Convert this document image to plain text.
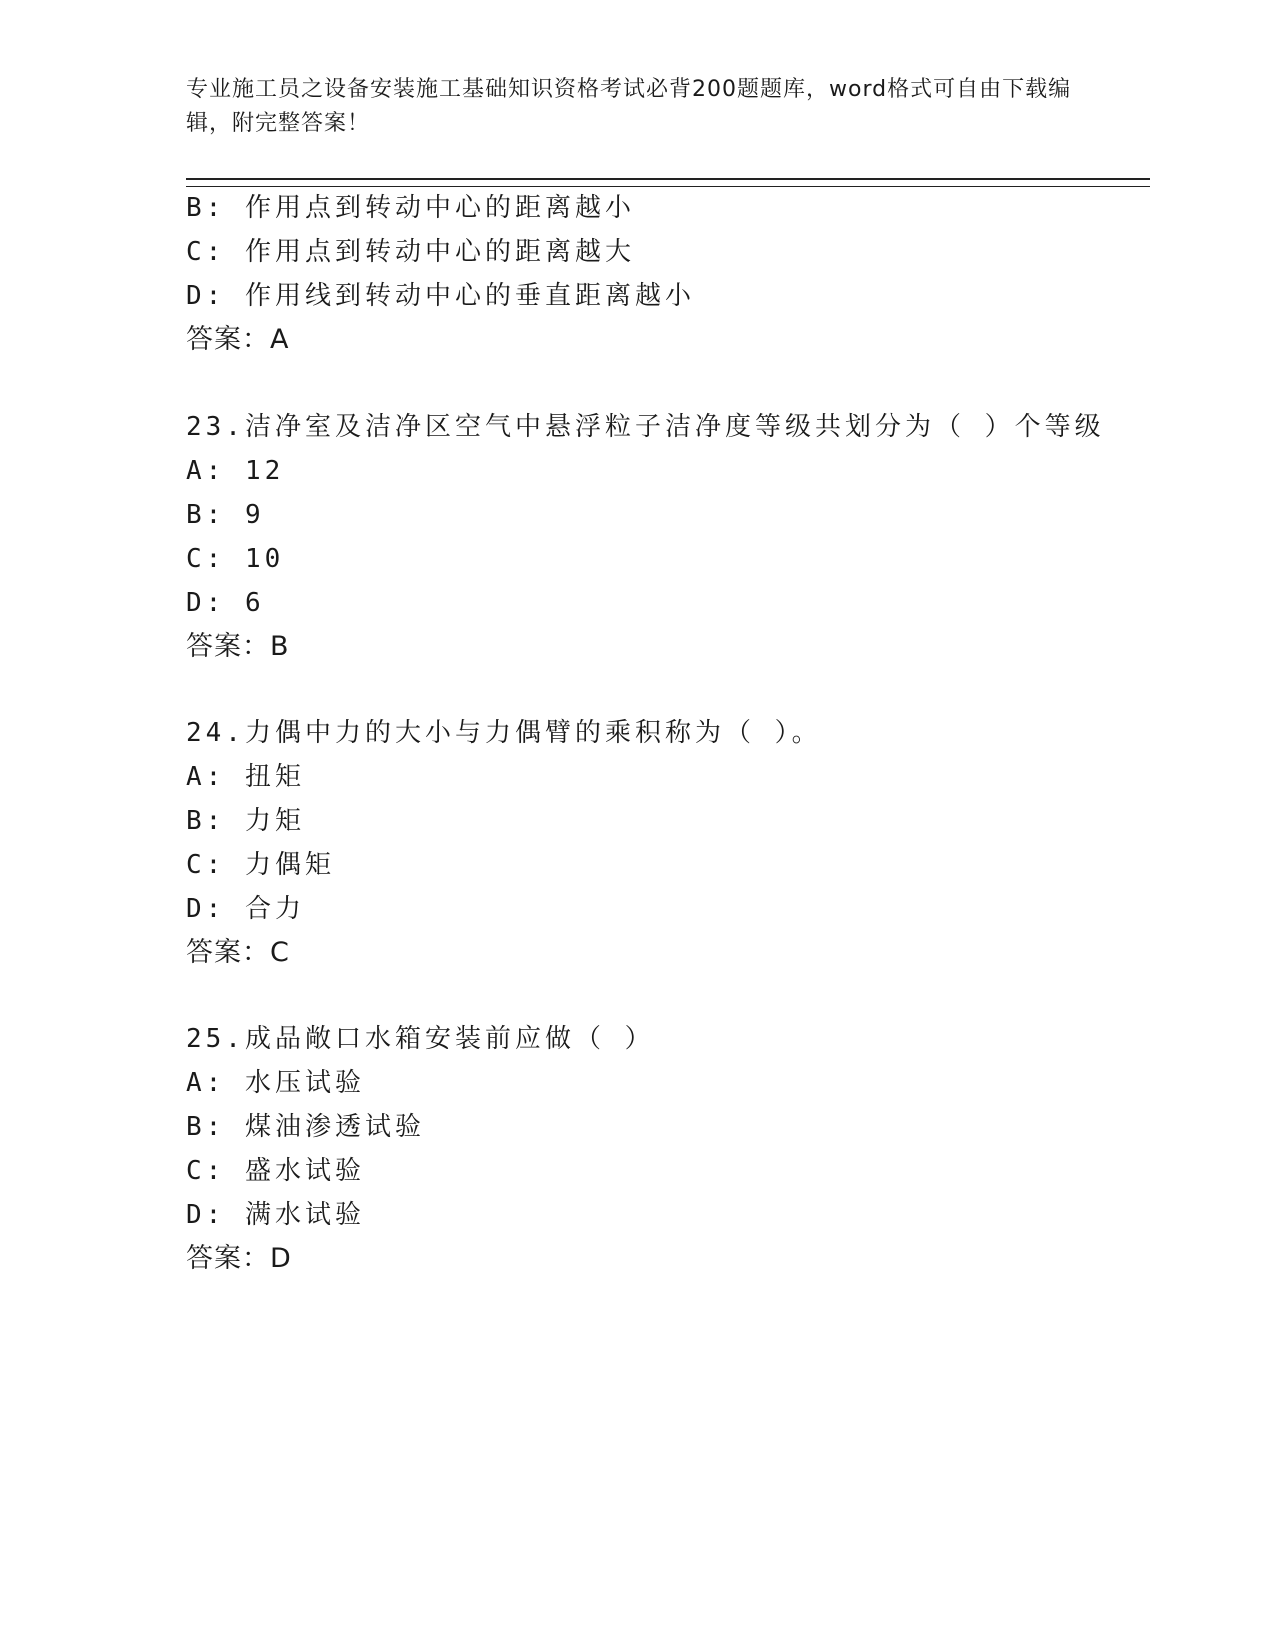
专业施工员之设备安装施工基础知识资格考试必背200题题库，word格式可自由下载编辑，附完整答案！
B: 作用点到转动中心的距离越小
C: 作用点到转动中心的距离越大
D: 作用线到转动中心的垂直距离越小
答案：A
23.洁净室及洁净区空气中悬浮粒子洁净度等级共划分为（ ）个等级
A: 12
B: 9
C: 10
D: 6
答案：B
24.力偶中力的大小与力偶臂的乘积称为（ ）。
A: 扭矩
B: 力矩
C: 力偶矩
D: 合力
答案：C
25.成品敞口水箱安装前应做（ ）
A: 水压试验
B: 煤油渗透试验
C: 盛水试验
D: 满水试验
答案：D
